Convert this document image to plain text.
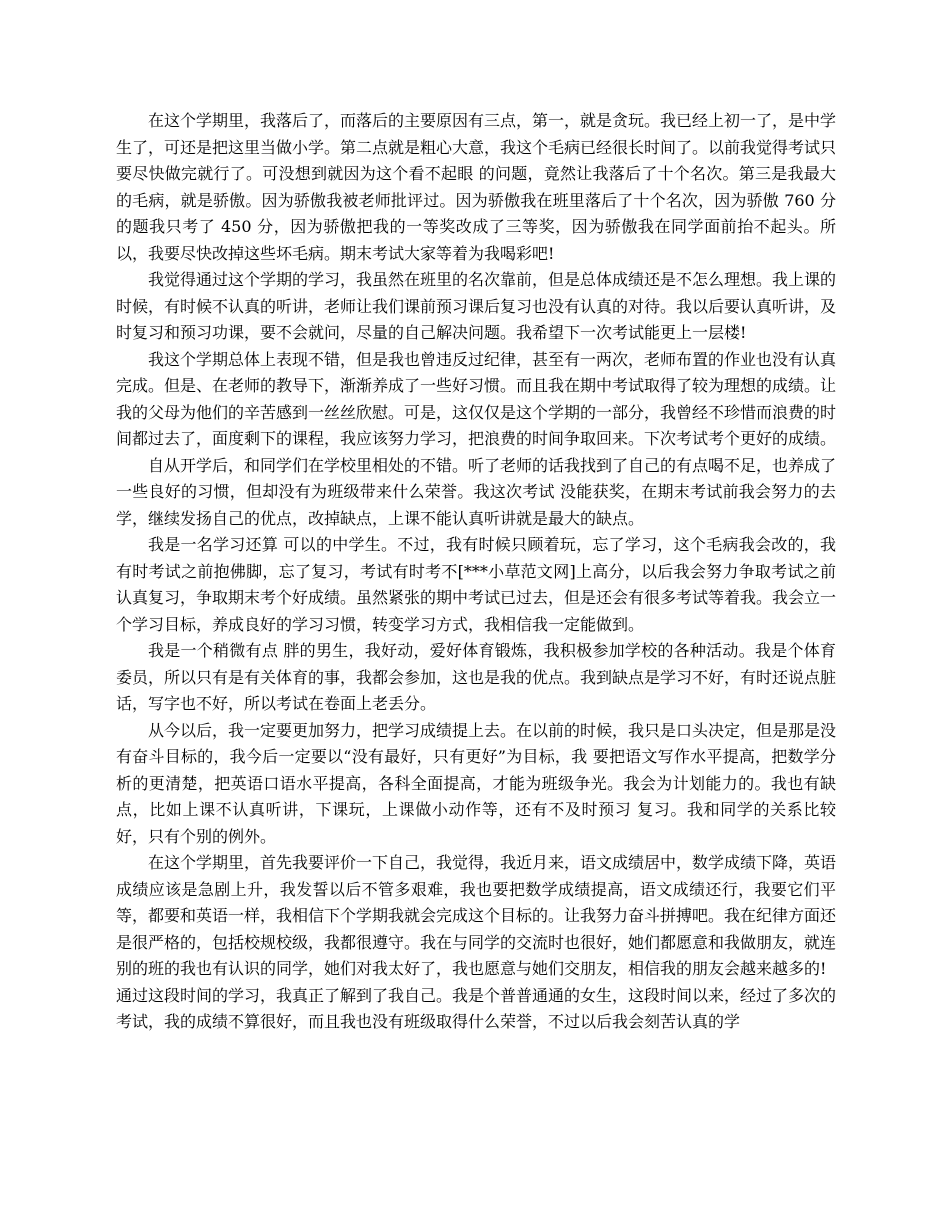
在这个学期里，我落后了，而落后的主要原因有三点，第一，就是贪玩。我已经上初一了，是中学生了，可还是把这里当做小学。第二点就是粗心大意，我这个毛病已经很长时间了。以前我觉得考试只要尽快做完就行了。可没想到就因为这个看不起眼 的问题，竟然让我落后了十个名次。第三是我最大的毛病，就是骄傲。因为骄傲我被老师批评过。因为骄傲我在班里落后了十个名次，因为骄傲 760 分的题我只考了 450 分，因为骄傲把我的一等奖改成了三等奖，因为骄傲我在同学面前抬不起头。所以，我要尽快改掉这些坏毛病。期末考试大家等着为我喝彩吧!

我觉得通过这个学期的学习，我虽然在班里的名次靠前，但是总体成绩还是不怎么理想。我上课的时候，有时候不认真的听讲，老师让我们课前预习课后复习也没有认真的对待。我以后要认真听讲，及时复习和预习功课，要不会就问，尽量的自己解决问题。我希望下一次考试能更上一层楼!

我这个学期总体上表现不错，但是我也曾违反过纪律，甚至有一两次，老师布置的作业也没有认真完成。但是、在老师的教导下，渐渐养成了一些好习惯。而且我在期中考试取得了较为理想的成绩。让我的父母为他们的辛苦感到一丝丝欣慰。可是，这仅仅是这个学期的一部分，我曾经不珍惜而浪费的时间都过去了，面度剩下的课程，我应该努力学习，把浪费的时间争取回来。下次考试考个更好的成绩。

自从开学后，和同学们在学校里相处的不错。听了老师的话我找到了自己的有点喝不足，也养成了一些良好的习惯，但却没有为班级带来什么荣誉。我这次考试 没能获奖，在期末考试前我会努力的去学，继续发扬自己的优点，改掉缺点，上课不能认真听讲就是最大的缺点。

我是一名学习还算 可以的中学生。不过，我有时候只顾着玩，忘了学习，这个毛病我会改的，我有时考试之前抱佛脚，忘了复习，考试有时考不[***小草范文网]上高分，以后我会努力争取考试之前认真复习，争取期末考个好成绩。虽然紧张的期中考试已过去，但是还会有很多考试等着我。我会立一个学习目标，养成良好的学习习惯，转变学习方式，我相信我一定能做到。

我是一个稍微有点 胖的男生，我好动，爱好体育锻炼，我积极参加学校的各种活动。我是个体育委员，所以只有是有关体育的事，我都会参加，这也是我的优点。我到缺点是学习不好，有时还说点脏话，写字也不好，所以考试在卷面上老丢分。

从今以后，我一定要更加努力，把学习成绩提上去。在以前的时候，我只是口头决定，但是那是没有奋斗目标的，我今后一定要以“没有最好，只有更好”为目标，我 要把语文写作水平提高，把数学分析的更清楚，把英语口语水平提高，各科全面提高，才能为班级争光。我会为计划能力的。我也有缺点，比如上课不认真听讲，下课玩，上课做小动作等，还有不及时预习 复习。我和同学的关系比较好，只有个别的例外。

在这个学期里，首先我要评价一下自己，我觉得，我近月来，语文成绩居中，数学成绩下降，英语成绩应该是急剧上升，我发誓以后不管多艰难，我也要把数学成绩提高，语文成绩还行，我要它们平等，都要和英语一样，我相信下个学期我就会完成这个目标的。让我努力奋斗拼搏吧。我在纪律方面还是很严格的，包括校规校级，我都很遵守。我在与同学的交流时也很好，她们都愿意和我做朋友，就连别的班的我也有认识的同学，她们对我太好了，我也愿意与她们交朋友，相信我的朋友会越来越多的!

通过这段时间的学习，我真正了解到了我自己。我是个普普通通的女生，这段时间以来，经过了多次的考试，我的成绩不算很好，而且我也没有班级取得什么荣誉，不过以后我会刻苦认真的学
